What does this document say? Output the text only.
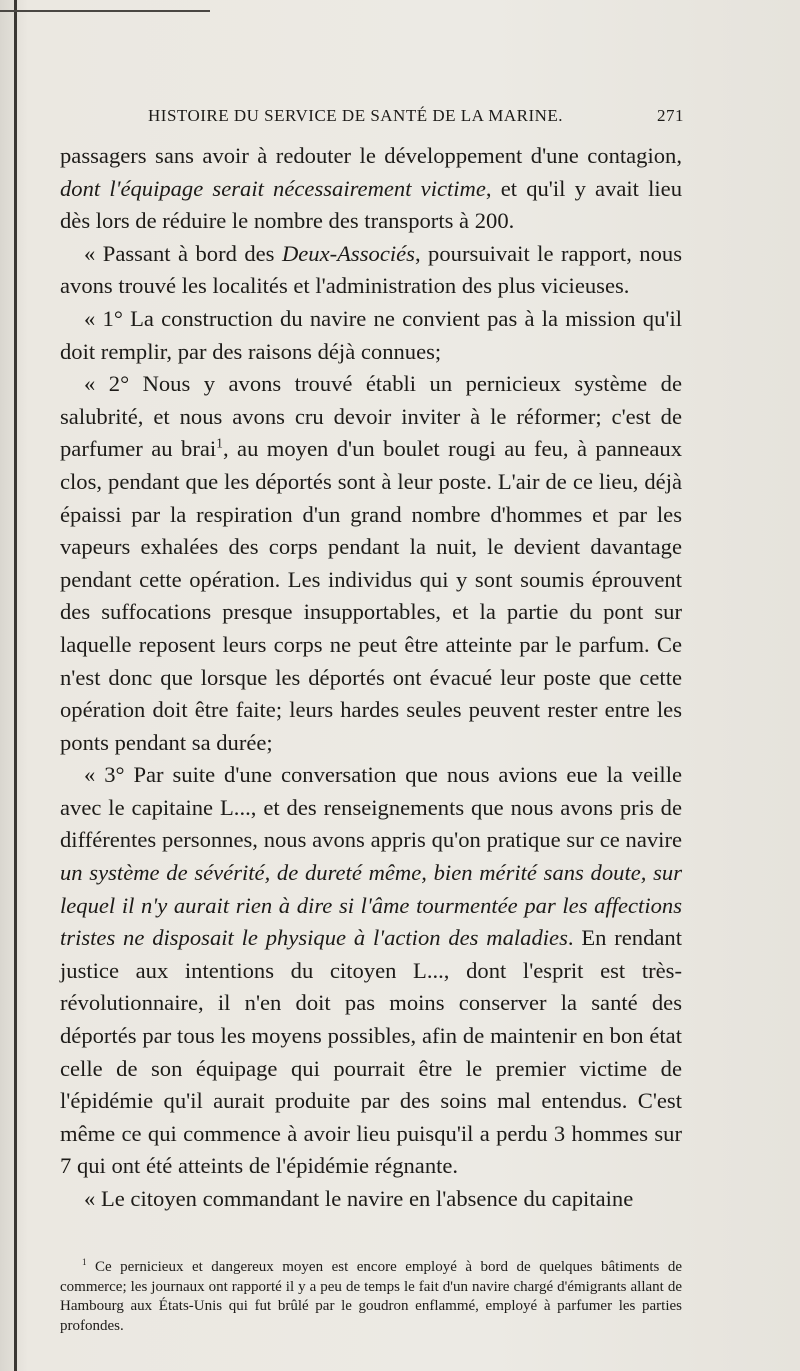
HISTOIRE DU SERVICE DE SANTÉ DE LA MARINE.	271

passagers sans avoir à redouter le développement d'une contagion, dont l'équipage serait nécessairement victime, et qu'il y avait lieu dès lors de réduire le nombre des transports à 200.

« Passant à bord des Deux-Associés, poursuivait le rapport, nous avons trouvé les localités et l'administration des plus vicieuses.

« 1° La construction du navire ne convient pas à la mission qu'il doit remplir, par des raisons déjà connues;

« 2° Nous y avons trouvé établi un pernicieux système de salubrité, et nous avons cru devoir inviter à le réformer; c'est de parfumer au brai$^1$, au moyen d'un boulet rougi au feu, à panneaux clos, pendant que les déportés sont à leur poste. L'air de ce lieu, déjà épaissi par la respiration d'un grand nombre d'hommes et par les vapeurs exhalées des corps pendant la nuit, le devient davantage pendant cette opération. Les individus qui y sont soumis éprouvent des suffocations presque insupportables, et la partie du pont sur laquelle reposent leurs corps ne peut être atteinte par le parfum. Ce n'est donc que lorsque les déportés ont évacué leur poste que cette opération doit être faite; leurs hardes seules peuvent rester entre les ponts pendant sa durée;

« 3° Par suite d'une conversation que nous avions eue la veille avec le capitaine L..., et des renseignements que nous avons pris de différentes personnes, nous avons appris qu'on pratique sur ce navire un système de sévérité, de dureté même, bien mérité sans doute, sur lequel il n'y aurait rien à dire si l'âme tourmentée par les affections tristes ne disposait le physique à l'action des maladies. En rendant justice aux intentions du citoyen L..., dont l'esprit est très-révolutionnaire, il n'en doit pas moins conserver la santé des déportés par tous les moyens possibles, afin de maintenir en bon état celle de son équipage qui pourrait être le premier victime de l'épidémie qu'il aurait produite par des soins mal entendus. C'est même ce qui commence à avoir lieu puisqu'il a perdu 3 hommes sur 7 qui ont été atteints de l'épidémie régnante.

« Le citoyen commandant le navire en l'absence du capitaine

$^1$ Ce pernicieux et dangereux moyen est encore employé à bord de quelques bâtiments de commerce; les journaux ont rapporté il y a peu de temps le fait d'un navire chargé d'émigrants allant de Hambourg aux États-Unis qui fut brûlé par le goudron enflammé, employé à parfumer les parties profondes.
